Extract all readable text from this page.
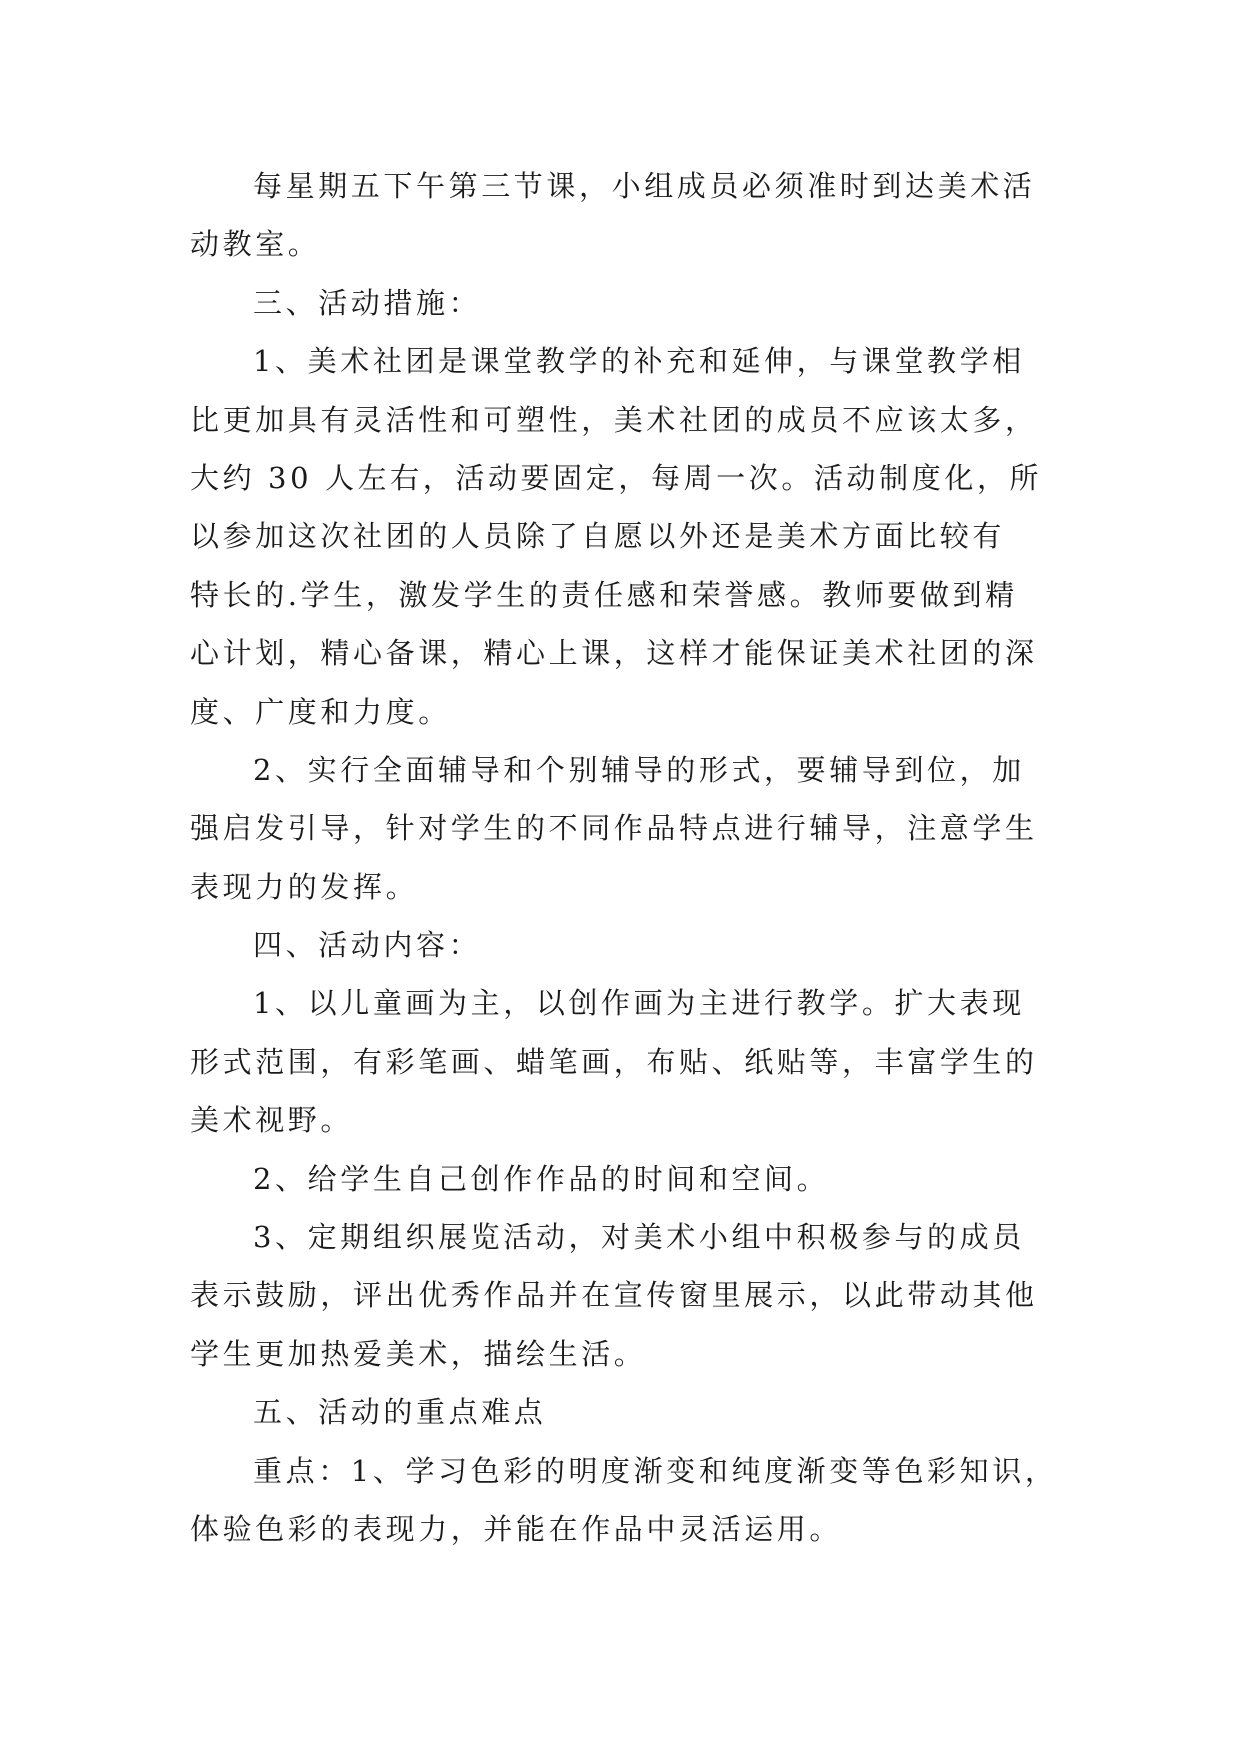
每星期五下午第三节课，小组成员必须准时到达美术活
动教室。
三、活动措施：
1、美术社团是课堂教学的补充和延伸，与课堂教学相
比更加具有灵活性和可塑性，美术社团的成员不应该太多，
大约 30 人左右，活动要固定，每周一次。活动制度化，所
以参加这次社团的人员除了自愿以外还是美术方面比较有
特长的.学生，激发学生的责任感和荣誉感。教师要做到精
心计划，精心备课，精心上课，这样才能保证美术社团的深
度、广度和力度。
2、实行全面辅导和个别辅导的形式，要辅导到位，加
强启发引导，针对学生的不同作品特点进行辅导，注意学生
表现力的发挥。
四、活动内容：
1、以儿童画为主，以创作画为主进行教学。扩大表现
形式范围，有彩笔画、蜡笔画，布贴、纸贴等，丰富学生的
美术视野。
2、给学生自己创作作品的时间和空间。
3、定期组织展览活动，对美术小组中积极参与的成员
表示鼓励，评出优秀作品并在宣传窗里展示，以此带动其他
学生更加热爱美术，描绘生活。
五、活动的重点难点
重点：1、学习色彩的明度渐变和纯度渐变等色彩知识，
体验色彩的表现力，并能在作品中灵活运用。
